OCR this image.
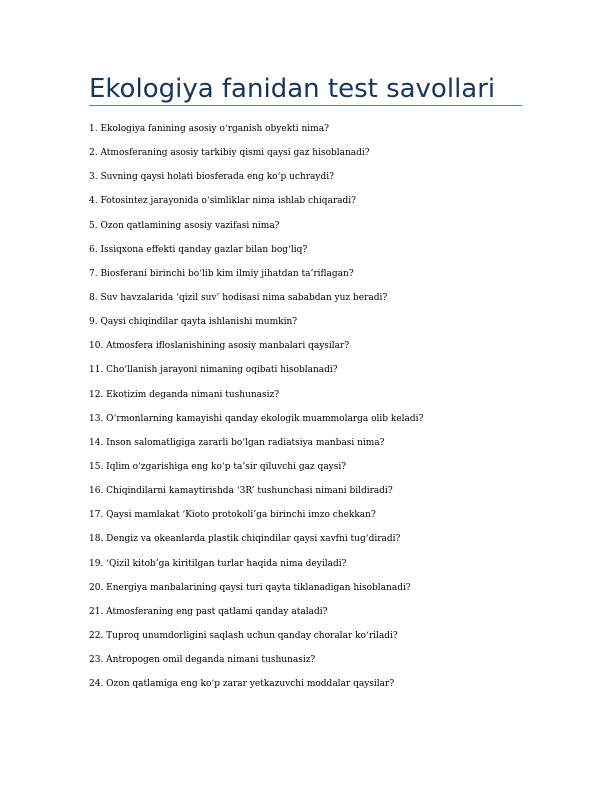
Ekologiya fanidan test savollari
1. Ekologiya fanining asosiy o‘rganish obyekti nima?
2. Atmosferaning asosiy tarkibiy qismi qaysi gaz hisoblanadi?
3. Suvning qaysi holati biosferada eng ko‘p uchraydi?
4. Fotosintez jarayonida o‘simliklar nima ishlab chiqaradi?
5. Ozon qatlamining asosiy vazifasi nima?
6. Issiqxona effekti qanday gazlar bilan bog‘liq?
7. Biosferani birinchi bo‘lib kim ilmiy jihatdan ta’riflagan?
8. Suv havzalarida ‘qizil suv’ hodisasi nima sababdan yuz beradi?
9. Qaysi chiqindilar qayta ishlanishi mumkin?
10. Atmosfera ifloslanishining asosiy manbalari qaysilar?
11. Cho‘llanish jarayoni nimaning oqibati hisoblanadi?
12. Ekotizim deganda nimani tushunasiz?
13. O‘rmonlarning kamayishi qanday ekologik muammolarga olib keladi?
14. Inson salomatligiga zararli bo‘lgan radiatsiya manbasi nima?
15. Iqlim o‘zgarishiga eng ko‘p ta’sir qiluvchi gaz qaysi?
16. Chiqindilarni kamaytirishda ‘3R’ tushunchasi nimani bildiradi?
17. Qaysi mamlakat ‘Kioto protokoli’ga birinchi imzo chekkan?
18. Dengiz va okeanlarda plastik chiqindilar qaysi xavfni tug‘diradi?
19. ‘Qizil kitob’ga kiritilgan turlar haqida nima deyiladi?
20. Energiya manbalarining qaysi turi qayta tiklanadigan hisoblanadi?
21. Atmosferaning eng past qatlami qanday ataladi?
22. Tuproq unumdorligini saqlash uchun qanday choralar ko‘riladi?
23. Antropogen omil deganda nimani tushunasiz?
24. Ozon qatlamiga eng ko‘p zarar yetkazuvchi moddalar qaysilar?
